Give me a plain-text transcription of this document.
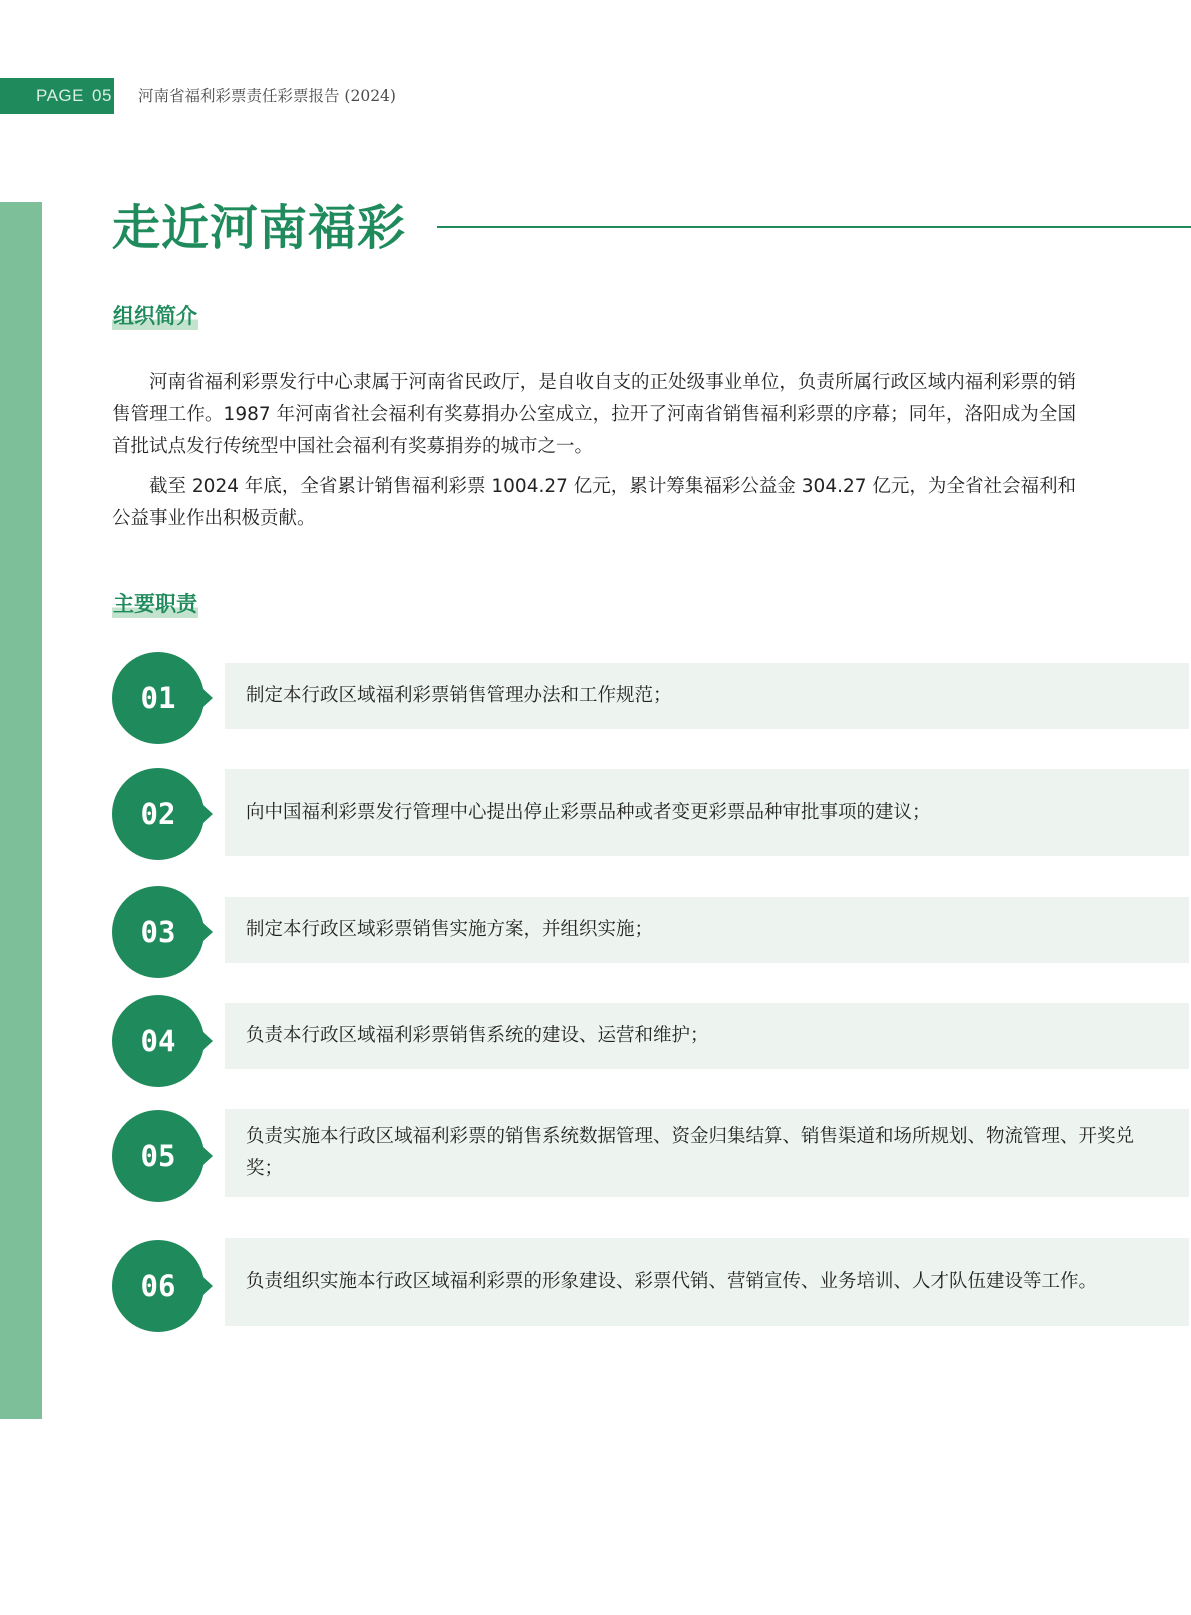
PAGE 05 河南省福利彩票责任彩票报告 (2024)
走近河南福彩
组织简介

河南省福利彩票发行中心隶属于河南省民政厅，是自收自支的正处级事业单位，负责所属行政区域内福利彩票的销售管理工作。1987 年河南省社会福利有奖募捐办公室成立，拉开了河南省销售福利彩票的序幕；同年，洛阳成为全国首批试点发行传统型中国社会福利有奖募捐券的城市之一。

截至 2024 年底，全省累计销售福利彩票 1004.27 亿元，累计筹集福彩公益金 304.27 亿元，为全省社会福利和公益事业作出积极贡献。

主要职责
01	制定本行政区域福利彩票销售管理办法和工作规范；
02	向中国福利彩票发行管理中心提出停止彩票品种或者变更彩票品种审批事项的建议；
03	制定本行政区域彩票销售实施方案，并组织实施；
04	负责本行政区域福利彩票销售系统的建设、运营和维护；
05
负责实施本行政区域福利彩票的销售系统数据管理、资金归集结算、销售渠道和场所规划、物流管理、开奖兑奖；
06	负责组织实施本行政区域福利彩票的形象建设、彩票代销、营销宣传、业务培训、人才队伍建设等工作。
